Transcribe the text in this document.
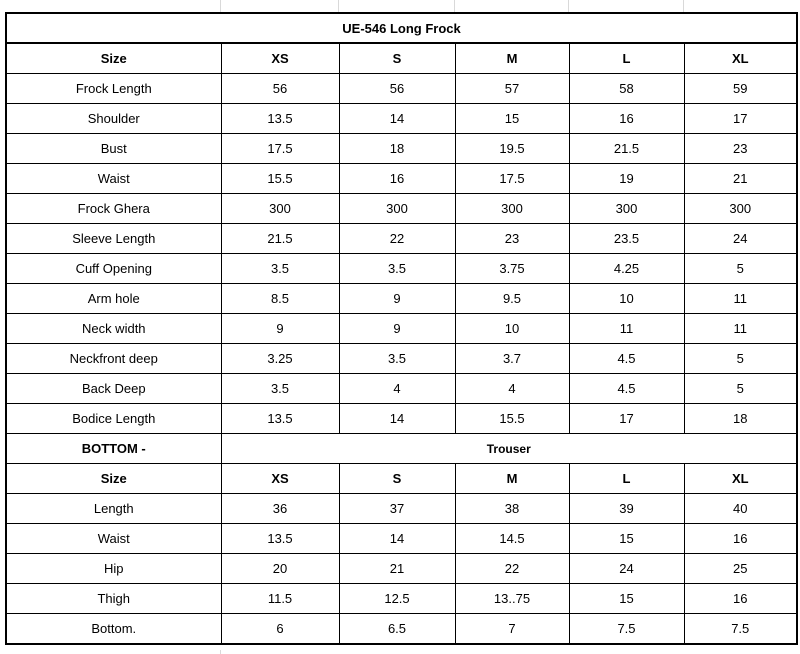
UE-546 Long Frock					
Size	XS	S	M	L	XL
Frock Length	56	56	57	58	59
Shoulder	13.5	14	15	16	17
Bust	17.5	18	19.5	21.5	23
Waist	15.5	16	17.5	19	21
Frock Ghera	300	300	300	300	300
Sleeve Length	21.5	22	23	23.5	24
Cuff Opening	3.5	3.5	3.75	4.25	5
Arm hole	8.5	9	9.5	10	11
Neck width	9	9	10	11	11
Neckfront deep	3.25	3.5	3.7	4.5	5
Back Deep	3.5	4	4	4.5	5
Bodice Length	13.5	14	15.5	17	18
BOTTOM -	Trouser				
Size	XS	S	M	L	XL
Length	36	37	38	39	40
Waist	13.5	14	14.5	15	16
Hip	20	21	22	24	25
Thigh	11.5	12.5	13..75	15	16
Bottom.	6	6.5	7	7.5	7.5
